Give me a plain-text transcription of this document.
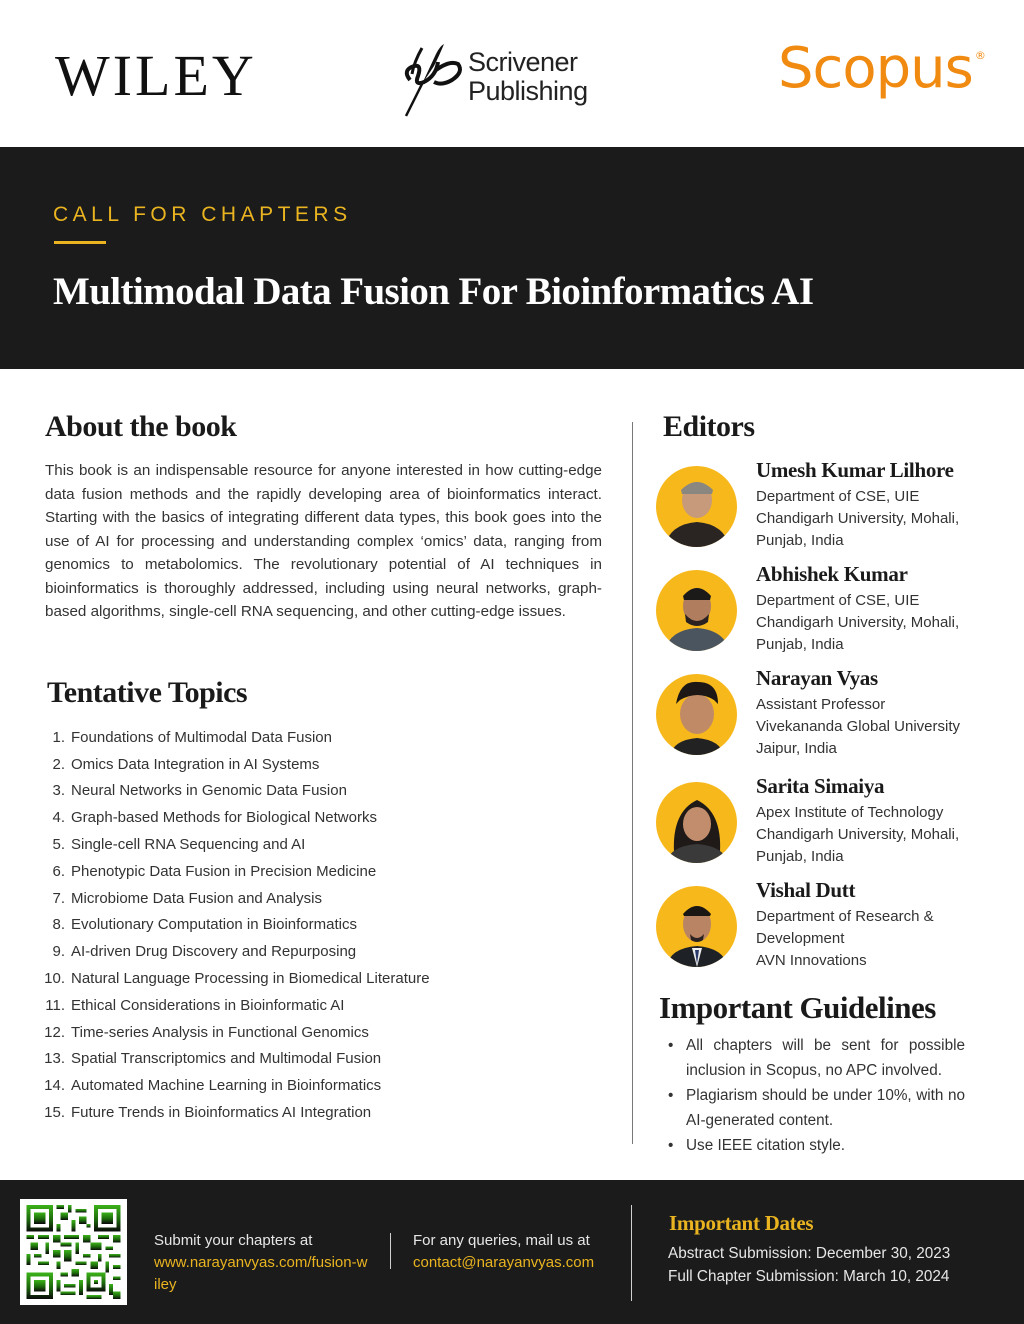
WILEY	Scrivener
Publishing	Scopus ®
CALL FOR CHAPTERS
Multimodal Data Fusion For Bioinformatics AI
About the book

This book is an indispensable resource for anyone interested in how cutting-edge data fusion methods and the rapidly developing area of bioinformatics interact. Starting with the basics of integrating different data types, this book goes into the use of AI for processing and understanding complex ‘omics’ data, ranging from genomics to metabolomics. The revolutionary potential of AI techniques in bioinformatics is thoroughly addressed, including using neural networks, graph-based algorithms, single-cell RNA sequencing, and other cutting-edge issues.

Tentative Topics
1. Foundations of Multimodal Data Fusion
2. Omics Data Integration in AI Systems
3. Neural Networks in Genomic Data Fusion
4. Graph-based Methods for Biological Networks
5. Single-cell RNA Sequencing and AI
6. Phenotypic Data Fusion in Precision Medicine
7. Microbiome Data Fusion and Analysis
8. Evolutionary Computation in Bioinformatics
9. AI-driven Drug Discovery and Repurposing
10. Natural Language Processing in Biomedical Literature
11. Ethical Considerations in Bioinformatic AI
12. Time-series Analysis in Functional Genomics
13. Spatial Transcriptomics and Multimodal Fusion
14. Automated Machine Learning in Bioinformatics
15. Future Trends in Bioinformatics AI Integration
Editors
Umesh Kumar Lilhore
Department of CSE, UIE
Chandigarh University, Mohali,
Punjab, India
Abhishek Kumar
Department of CSE, UIE
Chandigarh University, Mohali,
Punjab, India
Narayan Vyas
Assistant Professor
Vivekananda Global University
Jaipur, India
Sarita Simaiya
Apex Institute of Technology
Chandigarh University, Mohali,
Punjab, India
Vishal Dutt
Department of Research &
Development
AVN Innovations
Important Guidelines
• All chapters will be sent for possible inclusion in Scopus, no APC involved.
• Plagiarism should be under 10%, with no AI-generated content.
• Use IEEE citation style.
Submit your chapters at
www.narayanvyas.com/fusion-wiley
For any queries, mail us at
contact@narayanvyas.com
Important Dates
Abstract Submission: December 30, 2023
Full Chapter Submission: March 10, 2024
